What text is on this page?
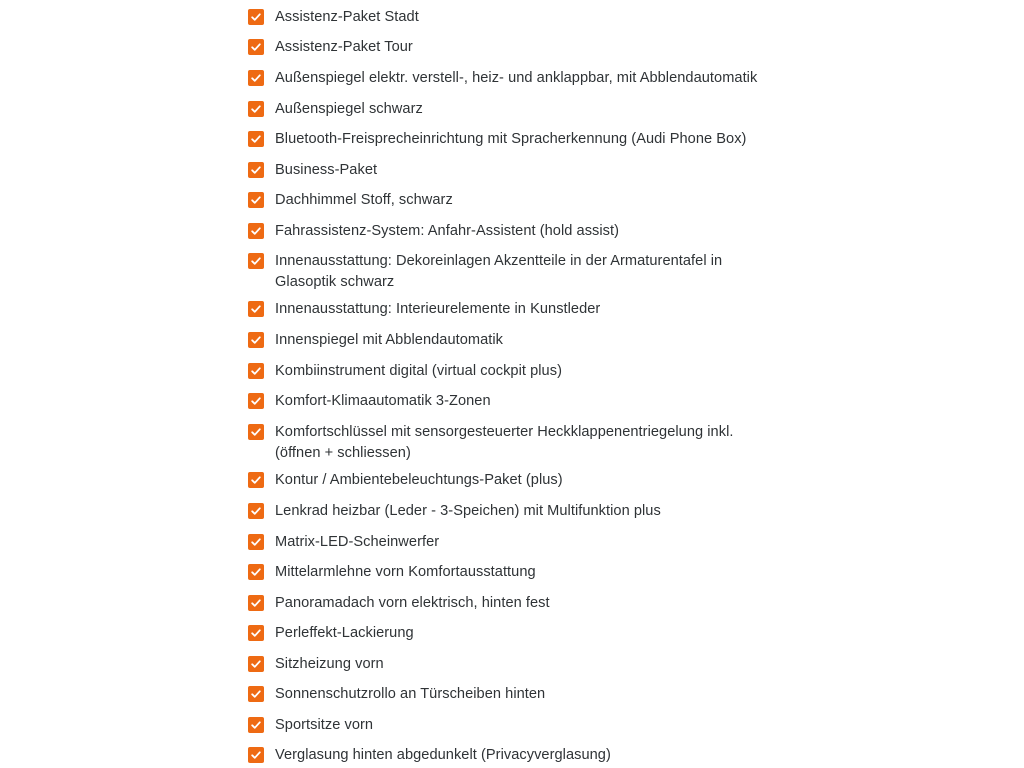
Assistenz-Paket Stadt
Assistenz-Paket Tour
Außenspiegel elektr. verstell-, heiz- und anklappbar, mit Abblendautomatik
Außenspiegel schwarz
Bluetooth-Freisprecheinrichtung mit Spracherkennung (Audi Phone Box)
Business-Paket
Dachhimmel Stoff, schwarz
Fahrassistenz-System: Anfahr-Assistent (hold assist)
Innenausstattung: Dekoreinlagen Akzentteile in der Armaturentafel in Glasoptik schwarz
Innenausstattung: Interieurelemente in Kunstleder
Innenspiegel mit Abblendautomatik
Kombiinstrument digital (virtual cockpit plus)
Komfort-Klimaautomatik 3-Zonen
Komfortschlüssel mit sensorgesteuerter Heckklappenentriegelung inkl. (öffnen + schliessen)
Kontur / Ambientebeleuchtungs-Paket (plus)
Lenkrad heizbar (Leder - 3-Speichen) mit Multifunktion plus
Matrix-LED-Scheinwerfer
Mittelarmlehne vorn Komfortausstattung
Panoramadach vorn elektrisch, hinten fest
Perleffekt-Lackierung
Sitzheizung vorn
Sonnenschutzrollo an Türscheiben hinten
Sportsitze vorn
Verglasung hinten abgedunkelt (Privacyverglasung)
